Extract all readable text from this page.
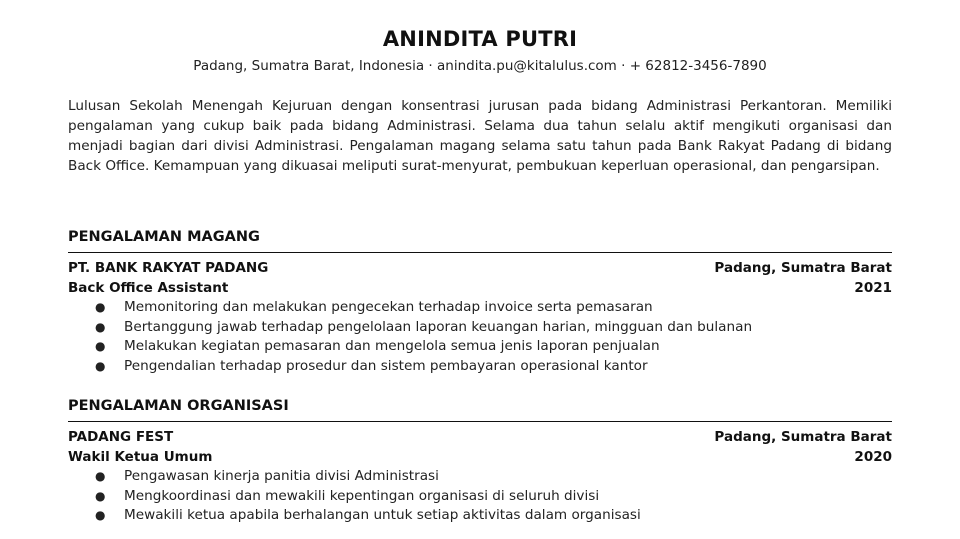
ANINDITA PUTRI
Padang, Sumatra Barat, Indonesia · anindita.pu@kitalulus.com · + 62812-3456-7890
Lulusan Sekolah Menengah Kejuruan dengan konsentrasi jurusan pada bidang Administrasi Perkantoran. Memiliki pengalaman yang cukup baik pada bidang Administrasi. Selama dua tahun selalu aktif mengikuti organisasi dan menjadi bagian dari divisi Administrasi. Pengalaman magang selama satu tahun pada Bank Rakyat Padang di bidang Back Office. Kemampuan yang dikuasai meliputi surat-menyurat, pembukuan keperluan operasional, dan pengarsipan.
PENGALAMAN MAGANG
PT. BANK RAKYAT PADANG	Padang, Sumatra Barat
Back Office Assistant	2021
● Memonitoring dan melakukan pengecekan terhadap invoice serta pemasaran
● Bertanggung jawab terhadap pengelolaan laporan keuangan harian, mingguan dan bulanan
● Melakukan kegiatan pemasaran dan mengelola semua jenis laporan penjualan
● Pengendalian terhadap prosedur dan sistem pembayaran operasional kantor
PENGALAMAN ORGANISASI
PADANG FEST	Padang, Sumatra Barat
Wakil Ketua Umum	2020
● Pengawasan kinerja panitia divisi Administrasi
● Mengkoordinasi dan mewakili kepentingan organisasi di seluruh divisi
● Mewakili ketua apabila berhalangan untuk setiap aktivitas dalam organisasi
